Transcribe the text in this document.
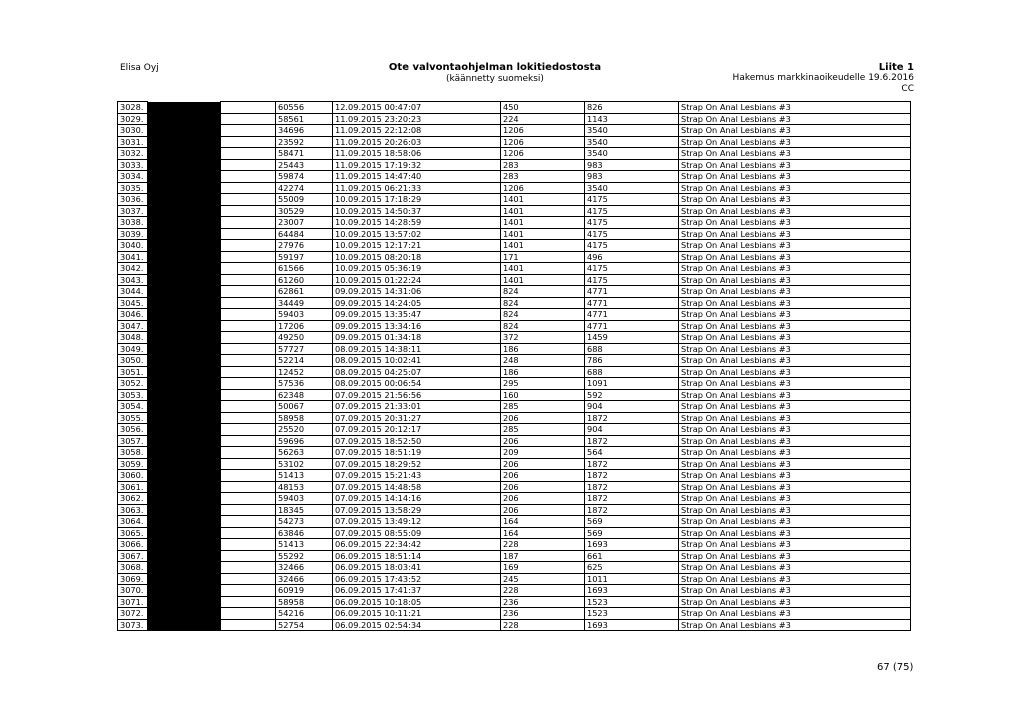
Elisa Oyj	Ote valvontaohjelman lokitiedostosta
(käännetty suomeksi)
Liite 1
Hakemus markkinaoikeudelle 19.6.2016
CC
3028.			60556	12.09.2015 00:47:07	450	826	Strap On Anal Lesbians #3
3029.			58561	11.09.2015 23:20:23	224	1143	Strap On Anal Lesbians #3
3030.			34696	11.09.2015 22:12:08	1206	3540	Strap On Anal Lesbians #3
3031.			23592	11.09.2015 20:26:03	1206	3540	Strap On Anal Lesbians #3
3032.			58471	11.09.2015 18:58:06	1206	3540	Strap On Anal Lesbians #3
3033.			25443	11.09.2015 17:19:32	283	983	Strap On Anal Lesbians #3
3034.			59874	11.09.2015 14:47:40	283	983	Strap On Anal Lesbians #3
3035.			42274	11.09.2015 06:21:33	1206	3540	Strap On Anal Lesbians #3
3036.			55009	10.09.2015 17:18:29	1401	4175	Strap On Anal Lesbians #3
3037.			30529	10.09.2015 14:50:37	1401	4175	Strap On Anal Lesbians #3
3038.			23007	10.09.2015 14:28:59	1401	4175	Strap On Anal Lesbians #3
3039.			64484	10.09.2015 13:57:02	1401	4175	Strap On Anal Lesbians #3
3040.			27976	10.09.2015 12:17:21	1401	4175	Strap On Anal Lesbians #3
3041.			59197	10.09.2015 08:20:18	171	496	Strap On Anal Lesbians #3
3042.			61566	10.09.2015 05:36:19	1401	4175	Strap On Anal Lesbians #3
3043.			61260	10.09.2015 01:22:24	1401	4175	Strap On Anal Lesbians #3
3044.			62861	09.09.2015 14:31:06	824	4771	Strap On Anal Lesbians #3
3045.			34449	09.09.2015 14:24:05	824	4771	Strap On Anal Lesbians #3
3046.			59403	09.09.2015 13:35:47	824	4771	Strap On Anal Lesbians #3
3047.			17206	09.09.2015 13:34:16	824	4771	Strap On Anal Lesbians #3
3048.			49250	09.09.2015 01:34:18	372	1459	Strap On Anal Lesbians #3
3049.			57727	08.09.2015 14:38:11	186	688	Strap On Anal Lesbians #3
3050.			52214	08.09.2015 10:02:41	248	786	Strap On Anal Lesbians #3
3051.			12452	08.09.2015 04:25:07	186	688	Strap On Anal Lesbians #3
3052.			57536	08.09.2015 00:06:54	295	1091	Strap On Anal Lesbians #3
3053.			62348	07.09.2015 21:56:56	160	592	Strap On Anal Lesbians #3
3054.			50067	07.09.2015 21:33:01	285	904	Strap On Anal Lesbians #3
3055.			58958	07.09.2015 20:31:27	206	1872	Strap On Anal Lesbians #3
3056.			25520	07.09.2015 20:12:17	285	904	Strap On Anal Lesbians #3
3057.			59696	07.09.2015 18:52:50	206	1872	Strap On Anal Lesbians #3
3058.			56263	07.09.2015 18:51:19	209	564	Strap On Anal Lesbians #3
3059.			53102	07.09.2015 18:29:52	206	1872	Strap On Anal Lesbians #3
3060.			51413	07.09.2015 15:21:43	206	1872	Strap On Anal Lesbians #3
3061.			48153	07.09.2015 14:48:58	206	1872	Strap On Anal Lesbians #3
3062.			59403	07.09.2015 14:14:16	206	1872	Strap On Anal Lesbians #3
3063.			18345	07.09.2015 13:58:29	206	1872	Strap On Anal Lesbians #3
3064.			54273	07.09.2015 13:49:12	164	569	Strap On Anal Lesbians #3
3065.			63846	07.09.2015 08:55:09	164	569	Strap On Anal Lesbians #3
3066.			51413	06.09.2015 22:34:42	228	1693	Strap On Anal Lesbians #3
3067.			55292	06.09.2015 18:51:14	187	661	Strap On Anal Lesbians #3
3068.			32466	06.09.2015 18:03:41	169	625	Strap On Anal Lesbians #3
3069.			32466	06.09.2015 17:43:52	245	1011	Strap On Anal Lesbians #3
3070.			60919	06.09.2015 17:41:37	228	1693	Strap On Anal Lesbians #3
3071.			58958	06.09.2015 10:18:05	236	1523	Strap On Anal Lesbians #3
3072.			54216	06.09.2015 10:11:21	236	1523	Strap On Anal Lesbians #3
3073.			52754	06.09.2015 02:54:34	228	1693	Strap On Anal Lesbians #3
67 (75)
